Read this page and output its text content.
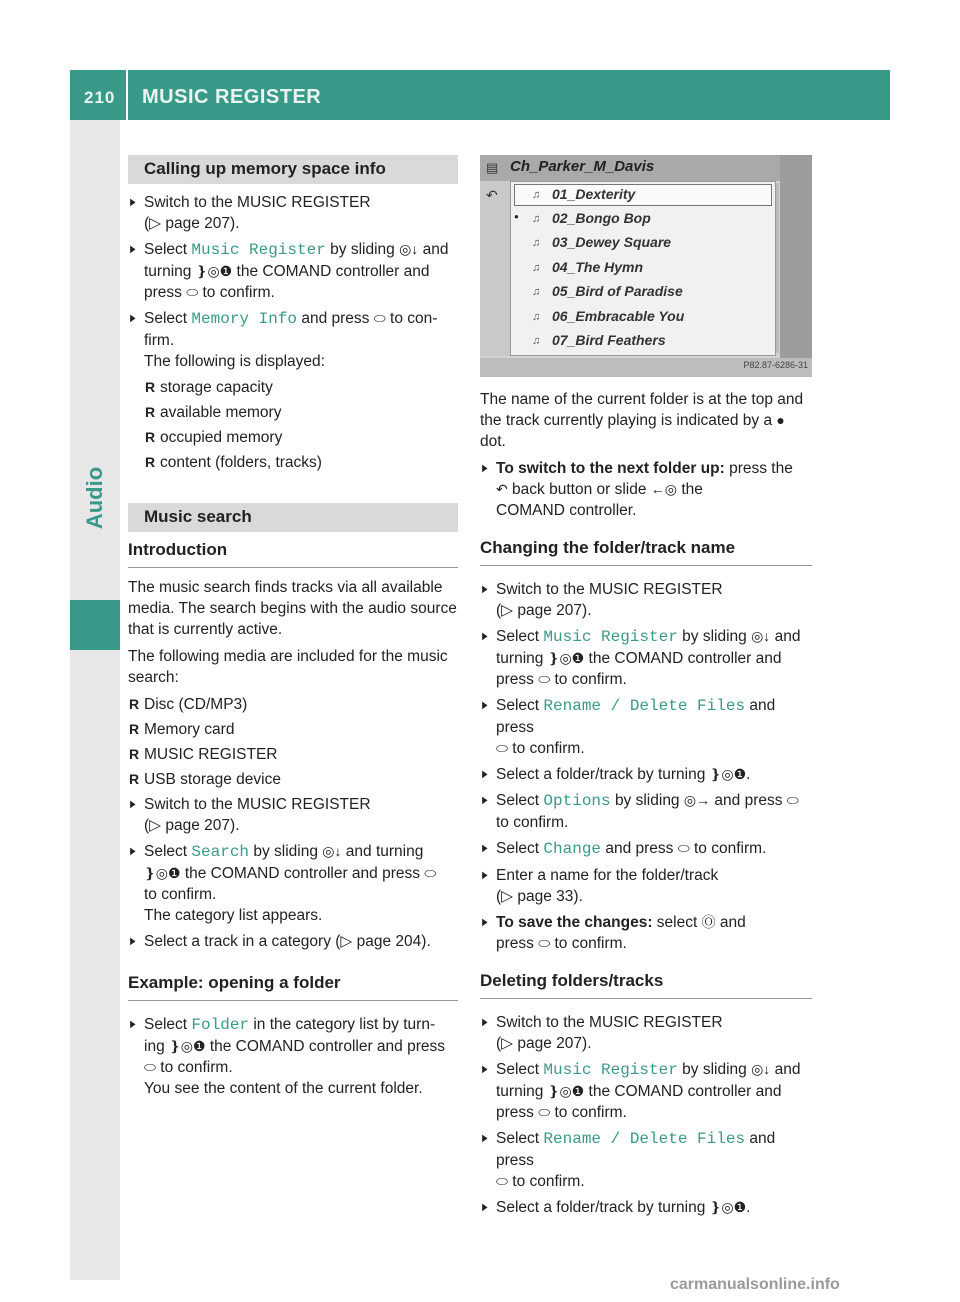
210 MUSIC REGISTER
Audio
Calling up memory space info
▶ Switch to the MUSIC REGISTER
(▷ page 207).
▶ Select Music Register by sliding ◎↓ and
turning ❵◎❶ the COMAND controller and
press ⬭ to confirm.
▶ Select Memory Info and press ⬭ to con-
firm.
The following is displayed:
R storage capacity
R available memory
R occupied memory
R content (folders, tracks)
Music search
Introduction

The music search finds tracks via all available media. The search begins with the audio source that is currently active.

The following media are included for the music search:

R Disc (CD/MP3)
R Memory card
R MUSIC REGISTER
R USB storage device
▶ Switch to the MUSIC REGISTER
(▷ page 207).
▶ Select Search by sliding ◎↓ and turning
❵◎❶ the COMAND controller and press ⬭
to confirm.
The category list appears.
▶ Select a track in a category (▷ page 204).
Example: opening a folder
▶ Select Folder in the category list by turn-
ing ❵◎❶ the COMAND controller and press
⬭ to confirm.
You see the content of the current folder.
▤ Ch_Parker_M_Davis
↶
●
♫ 01_Dexterity
♫ 02_Bongo Bop
♫ 03_Dewey Square
♫ 04_The Hymn
♫ 05_Bird of Paradise
♫ 06_Embracable You
♫ 07_Bird Feathers
P82.87-6286-31

The name of the current folder is at the top and the track currently playing is indicated by a ● dot.

▶ To switch to the next folder up: press the
↶ back button or slide ←◎ the
COMAND controller.
Changing the folder/track name
▶ Switch to the MUSIC REGISTER
(▷ page 207).
▶ Select Music Register by sliding ◎↓ and
turning ❵◎❶ the COMAND controller and
press ⬭ to confirm.
▶ Select Rename / Delete Files and press
⬭ to confirm.
▶ Select a folder/track by turning ❵◎❶.
▶ Select Options by sliding ◎→ and press ⬭
to confirm.
▶ Select Change and press ⬭ to confirm.
▶ Enter a name for the folder/track
(▷ page 33).
▶ To save the changes: select Ⓞ and
press ⬭ to confirm.
Deleting folders/tracks
▶ Switch to the MUSIC REGISTER
(▷ page 207).
▶ Select Music Register by sliding ◎↓ and
turning ❵◎❶ the COMAND controller and
press ⬭ to confirm.
▶ Select Rename / Delete Files and press
⬭ to confirm.
▶ Select a folder/track by turning ❵◎❶.
carmanualsonline.info
